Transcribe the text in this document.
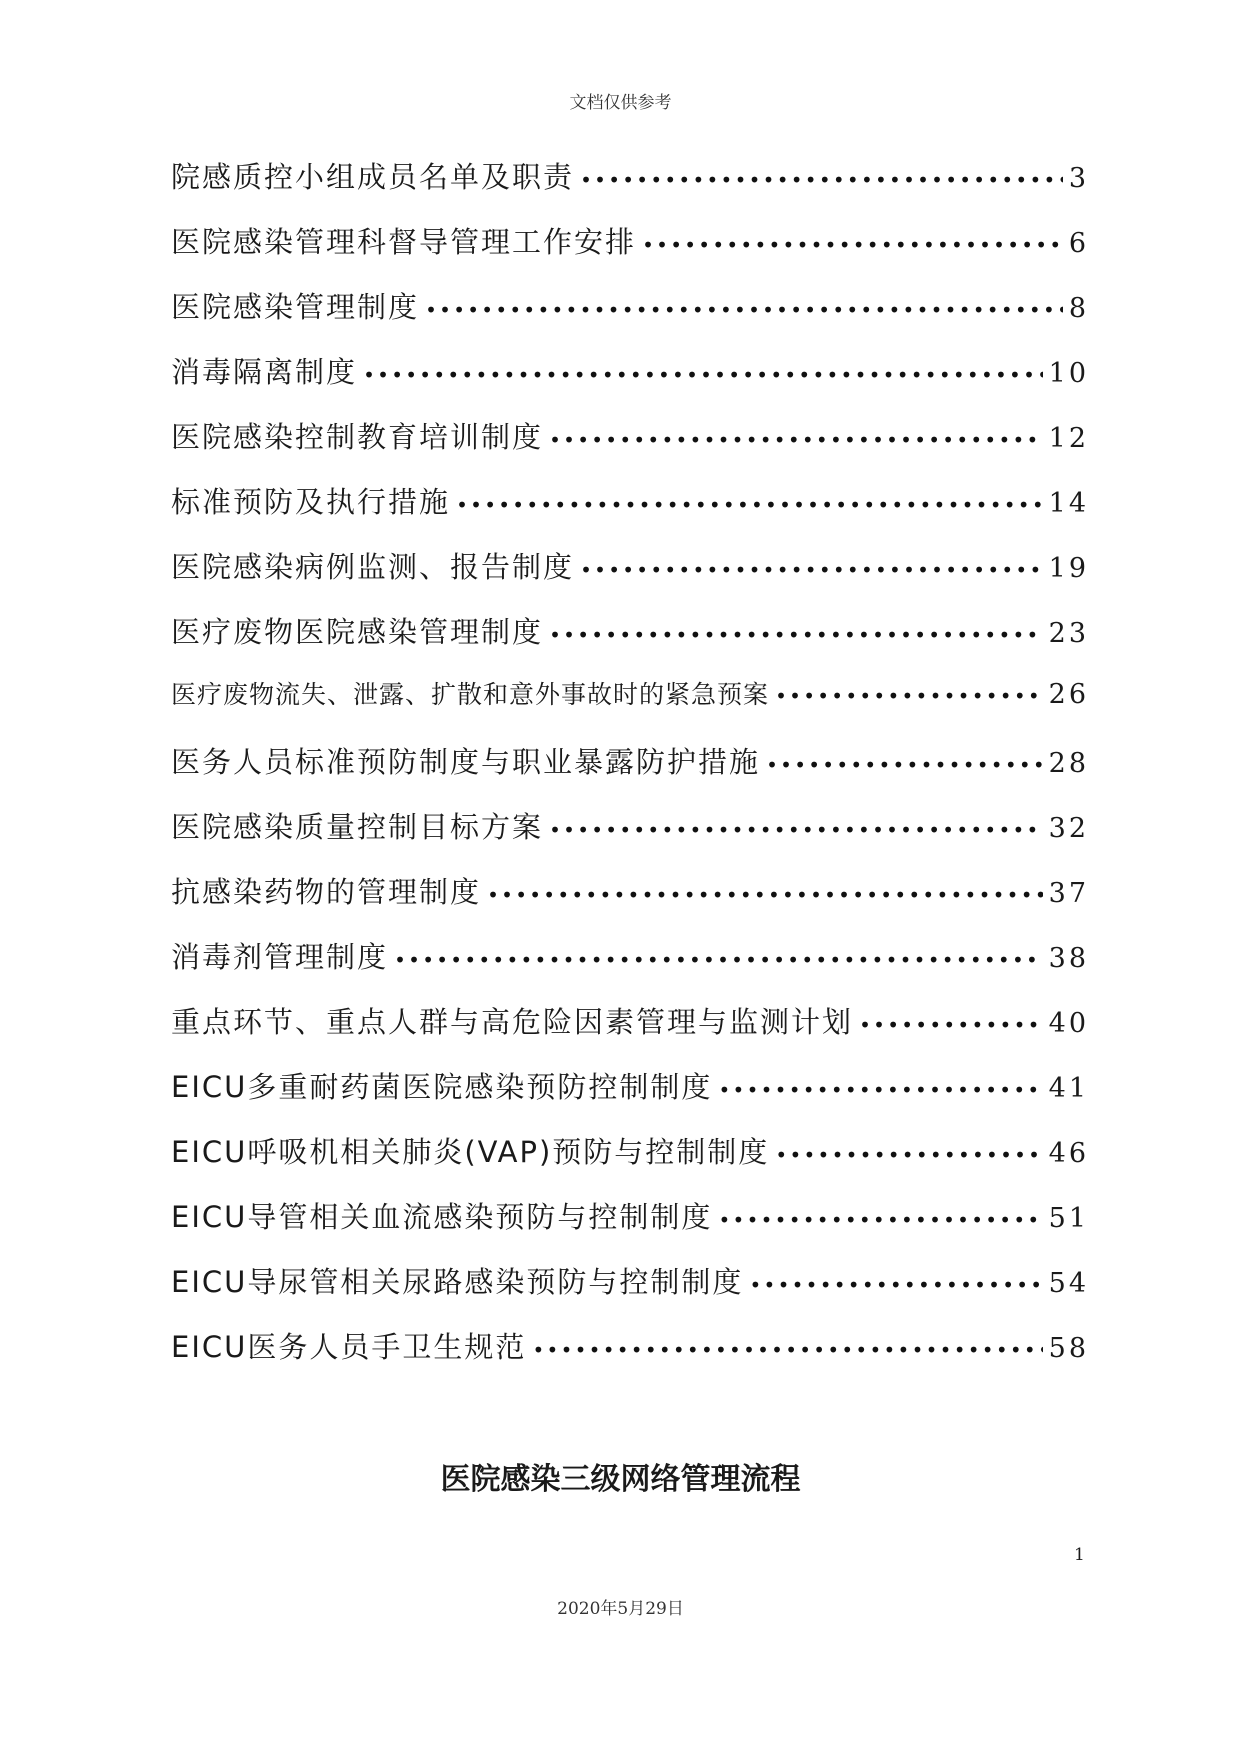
文档仅供参考
院感质控小组成员名单及职责 •••••	3
医院感染管理科督导管理工作安排 •••••	6
医院感染管理制度 •••••	8
消毒隔离制度 •••••	10
医院感染控制教育培训制度 •••••	12
标准预防及执行措施 •••••	14
医院感染病例监测、报告制度 •••••	19
医疗废物医院感染管理制度 •••••	23
医疗废物流失、泄露、扩散和意外事故时的紧急预案 •••••	26
医务人员标准预防制度与职业暴露防护措施 •••••	28
医院感染质量控制目标方案 •••••	32
抗感染药物的管理制度 •••••	37
消毒剂管理制度 •••••	38
重点环节、重点人群与高危险因素管理与监测计划 •••••	40
EICU多重耐药菌医院感染预防控制制度 •••••	41
EICU呼吸机相关肺炎(VAP)预防与控制制度 •••••	46
EICU导管相关血流感染预防与控制制度 •••••	51
EICU导尿管相关尿路感染预防与控制制度 •••••	54
EICU医务人员手卫生规范 •••••	58
医院感染三级网络管理流程
1
2020年5月29日
